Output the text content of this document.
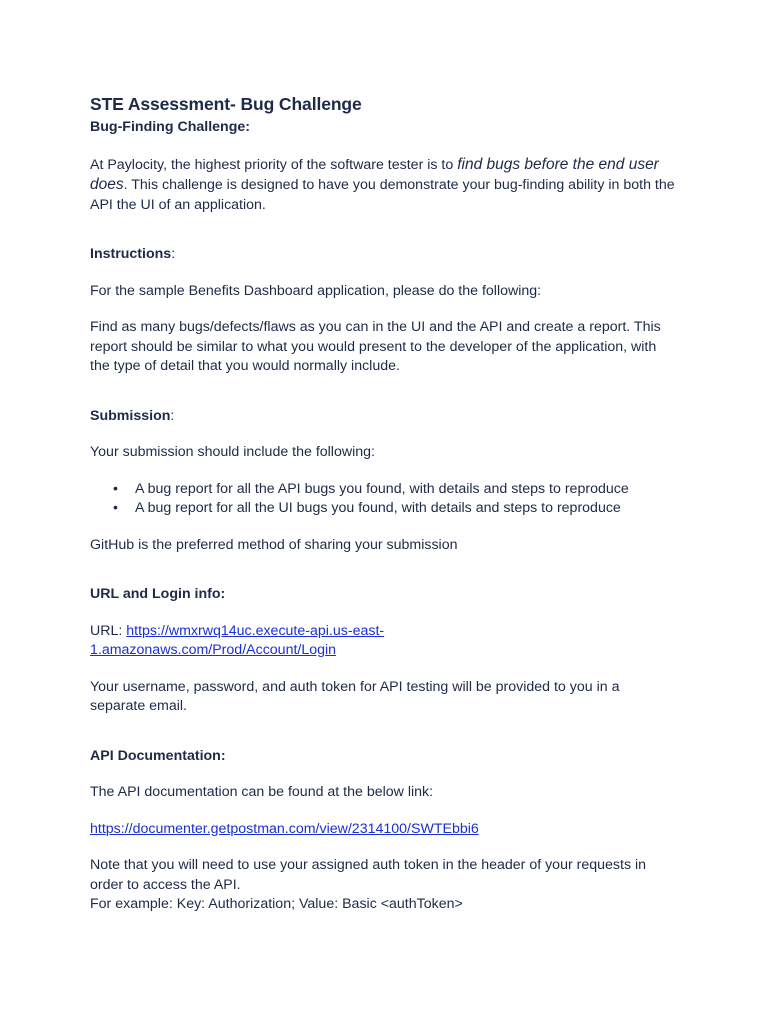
STE Assessment- Bug Challenge

Bug-Finding Challenge:

At Paylocity, the highest priority of the software tester is to find bugs before the end user does. This challenge is designed to have you demonstrate your bug-finding ability in both the API the UI of an application.

Instructions:

For the sample Benefits Dashboard application, please do the following:

Find as many bugs/defects/flaws as you can in the UI and the API and create a report. This report should be similar to what you would present to the developer of the application, with the type of detail that you would normally include.

Submission:

Your submission should include the following:

• A bug report for all the API bugs you found, with details and steps to reproduce
• A bug report for all the UI bugs you found, with details and steps to reproduce

GitHub is the preferred method of sharing your submission

URL and Login info:

URL: https://wmxrwq14uc.execute-api.us-east-
1.amazonaws.com/Prod/Account/Login

Your username, password, and auth token for API testing will be provided to you in a separate email.

API Documentation:

The API documentation can be found at the below link:

https://documenter.getpostman.com/view/2314100/SWTEbbi6

Note that you will need to use your assigned auth token in the header of your requests in order to access the API.

For example: Key: Authorization; Value: Basic <authToken>
